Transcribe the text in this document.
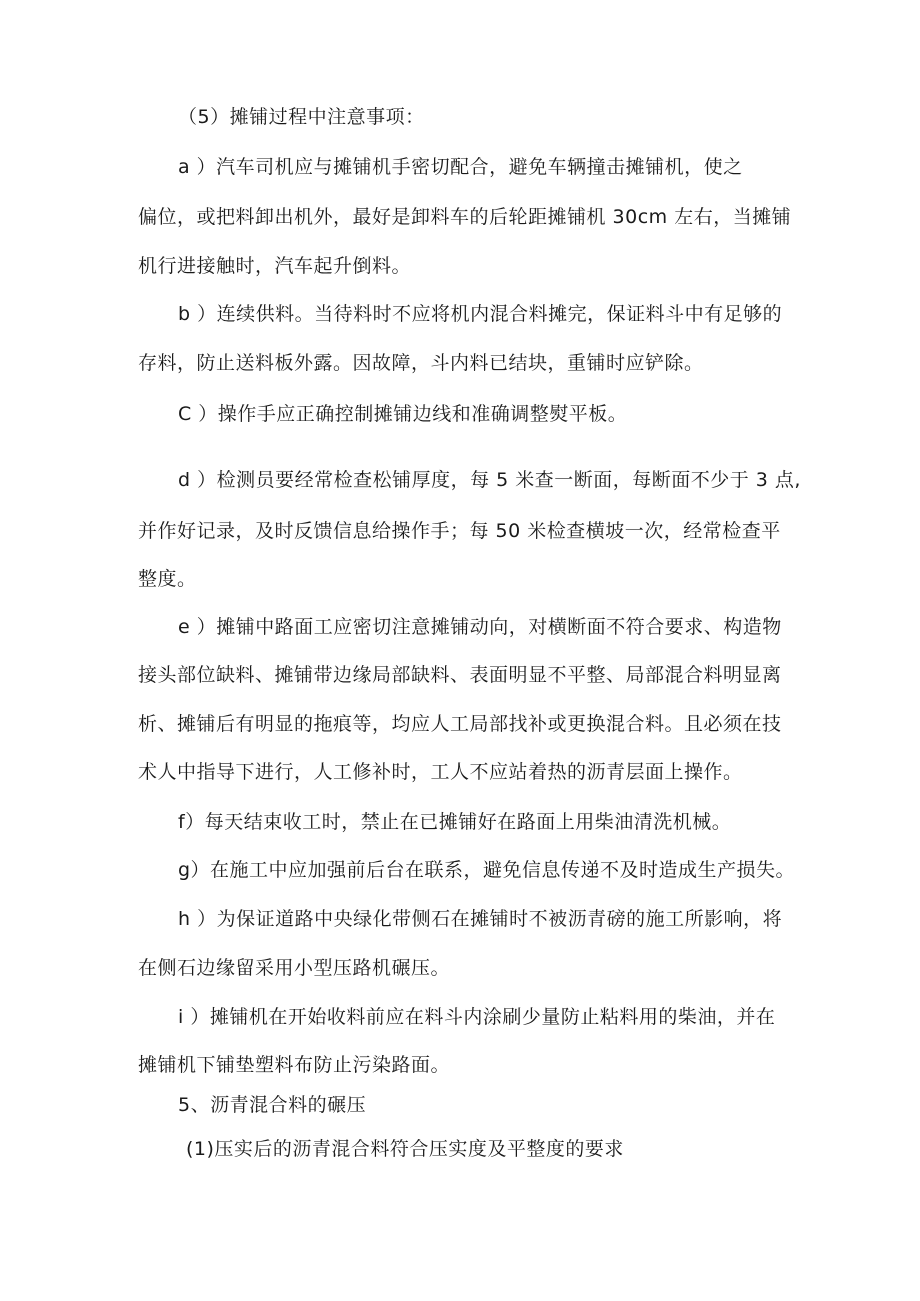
（5）摊铺过程中注意事项：
a ）汽车司机应与摊铺机手密切配合，避免车辆撞击摊铺机，使之
偏位，或把料卸出机外，最好是卸料车的后轮距摊铺机 30cm 左右，当摊铺
机行进接触时，汽车起升倒料。
b ）连续供料。当待料时不应将机内混合料摊完，保证料斗中有足够的
存料，防止送料板外露。因故障，斗内料已结块，重铺时应铲除。
C ）操作手应正确控制摊铺边线和准确调整熨平板。
d ）检测员要经常检查松铺厚度，每 5 米查一断面，每断面不少于 3 点,
并作好记录，及时反馈信息给操作手；每 50 米检查横坡一次，经常检查平
整度。
e ）摊铺中路面工应密切注意摊铺动向，对横断面不符合要求、构造物
接头部位缺料、摊铺带边缘局部缺料、表面明显不平整、局部混合料明显离
析、摊铺后有明显的拖痕等，均应人工局部找补或更换混合料。且必须在技
术人中指导下进行，人工修补时，工人不应站着热的沥青层面上操作。
f）每天结束收工时，禁止在已摊铺好在路面上用柴油清洗机械。
g）在施工中应加强前后台在联系，避免信息传递不及时造成生产损失。
h ）为保证道路中央绿化带侧石在摊铺时不被沥青磅的施工所影响，将
在侧石边缘留采用小型压路机碾压。
i ）摊铺机在开始收料前应在料斗内涂刷少量防止粘料用的柴油，并在
摊铺机下铺垫塑料布防止污染路面。
5、沥青混合料的碾压
(1)压实后的沥青混合料符合压实度及平整度的要求
